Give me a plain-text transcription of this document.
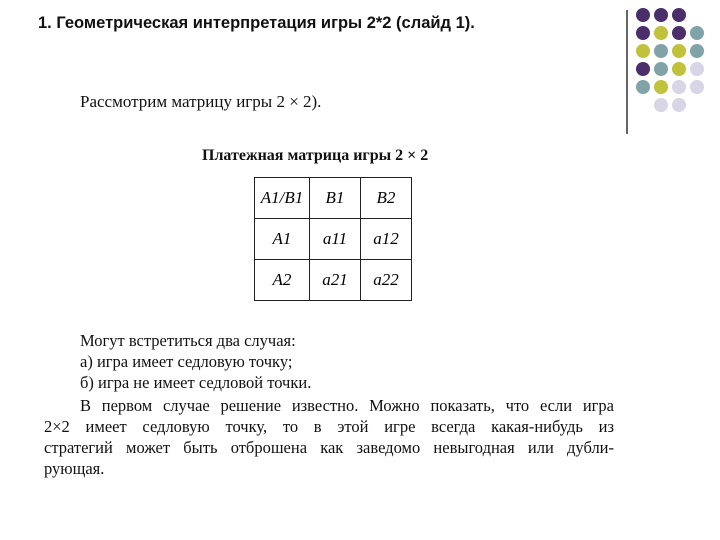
1. Геометрическая интерпретация игры 2*2 (слайд 1).
Рассмотрим матрицу игры 2 × 2).
Платежная матрица игры 2 × 2
A1/B1	B1	B2
A1	a11	a12
A2	a21	a22
Могут встретиться два случая:
а) игра имеет седловую точку;
б) игра не имеет седловой точки.
В первом случае решение известно. Можно показать, что если игра
2×2 имеет седловую точку, то в этой игре всегда какая-нибудь из
стратегий может быть отброшена как заведомо невыгодная или дубли-
рующая.
